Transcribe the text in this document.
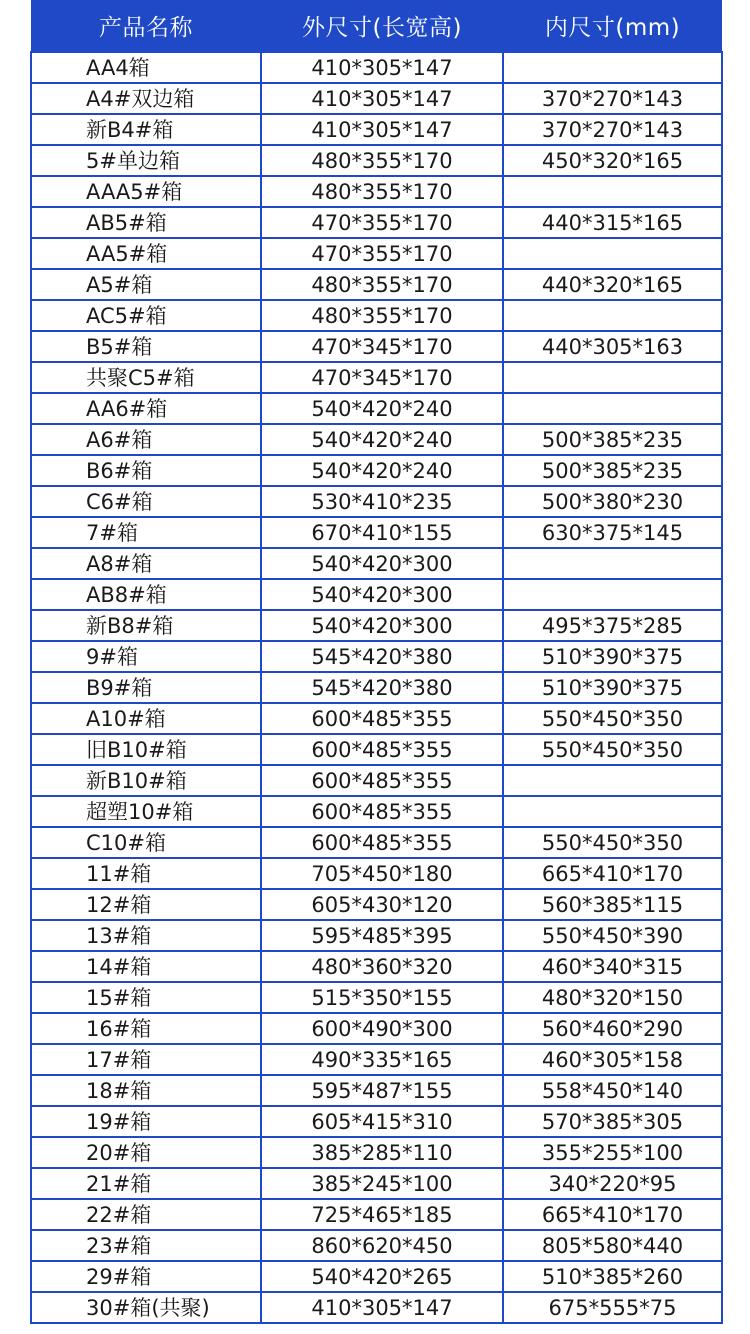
产品名称	外尺寸(长宽高)	内尺寸(mm)
AA4箱	410*305*147	
A4#双边箱	410*305*147	370*270*143
新B4#箱	410*305*147	370*270*143
5#单边箱	480*355*170	450*320*165
AAA5#箱	480*355*170	
AB5#箱	470*355*170	440*315*165
AA5#箱	470*355*170	
A5#箱	480*355*170	440*320*165
AC5#箱	480*355*170	
B5#箱	470*345*170	440*305*163
共聚C5#箱	470*345*170	
AA6#箱	540*420*240	
A6#箱	540*420*240	500*385*235
B6#箱	540*420*240	500*385*235
C6#箱	530*410*235	500*380*230
7#箱	670*410*155	630*375*145
A8#箱	540*420*300	
AB8#箱	540*420*300	
新B8#箱	540*420*300	495*375*285
9#箱	545*420*380	510*390*375
B9#箱	545*420*380	510*390*375
A10#箱	600*485*355	550*450*350
旧B10#箱	600*485*355	550*450*350
新B10#箱	600*485*355	
超塑10#箱	600*485*355	
C10#箱	600*485*355	550*450*350
11#箱	705*450*180	665*410*170
12#箱	605*430*120	560*385*115
13#箱	595*485*395	550*450*390
14#箱	480*360*320	460*340*315
15#箱	515*350*155	480*320*150
16#箱	600*490*300	560*460*290
17#箱	490*335*165	460*305*158
18#箱	595*487*155	558*450*140
19#箱	605*415*310	570*385*305
20#箱	385*285*110	355*255*100
21#箱	385*245*100	340*220*95
22#箱	725*465*185	665*410*170
23#箱	860*620*450	805*580*440
29#箱	540*420*265	510*385*260
30#箱(共聚)	410*305*147	675*555*75
